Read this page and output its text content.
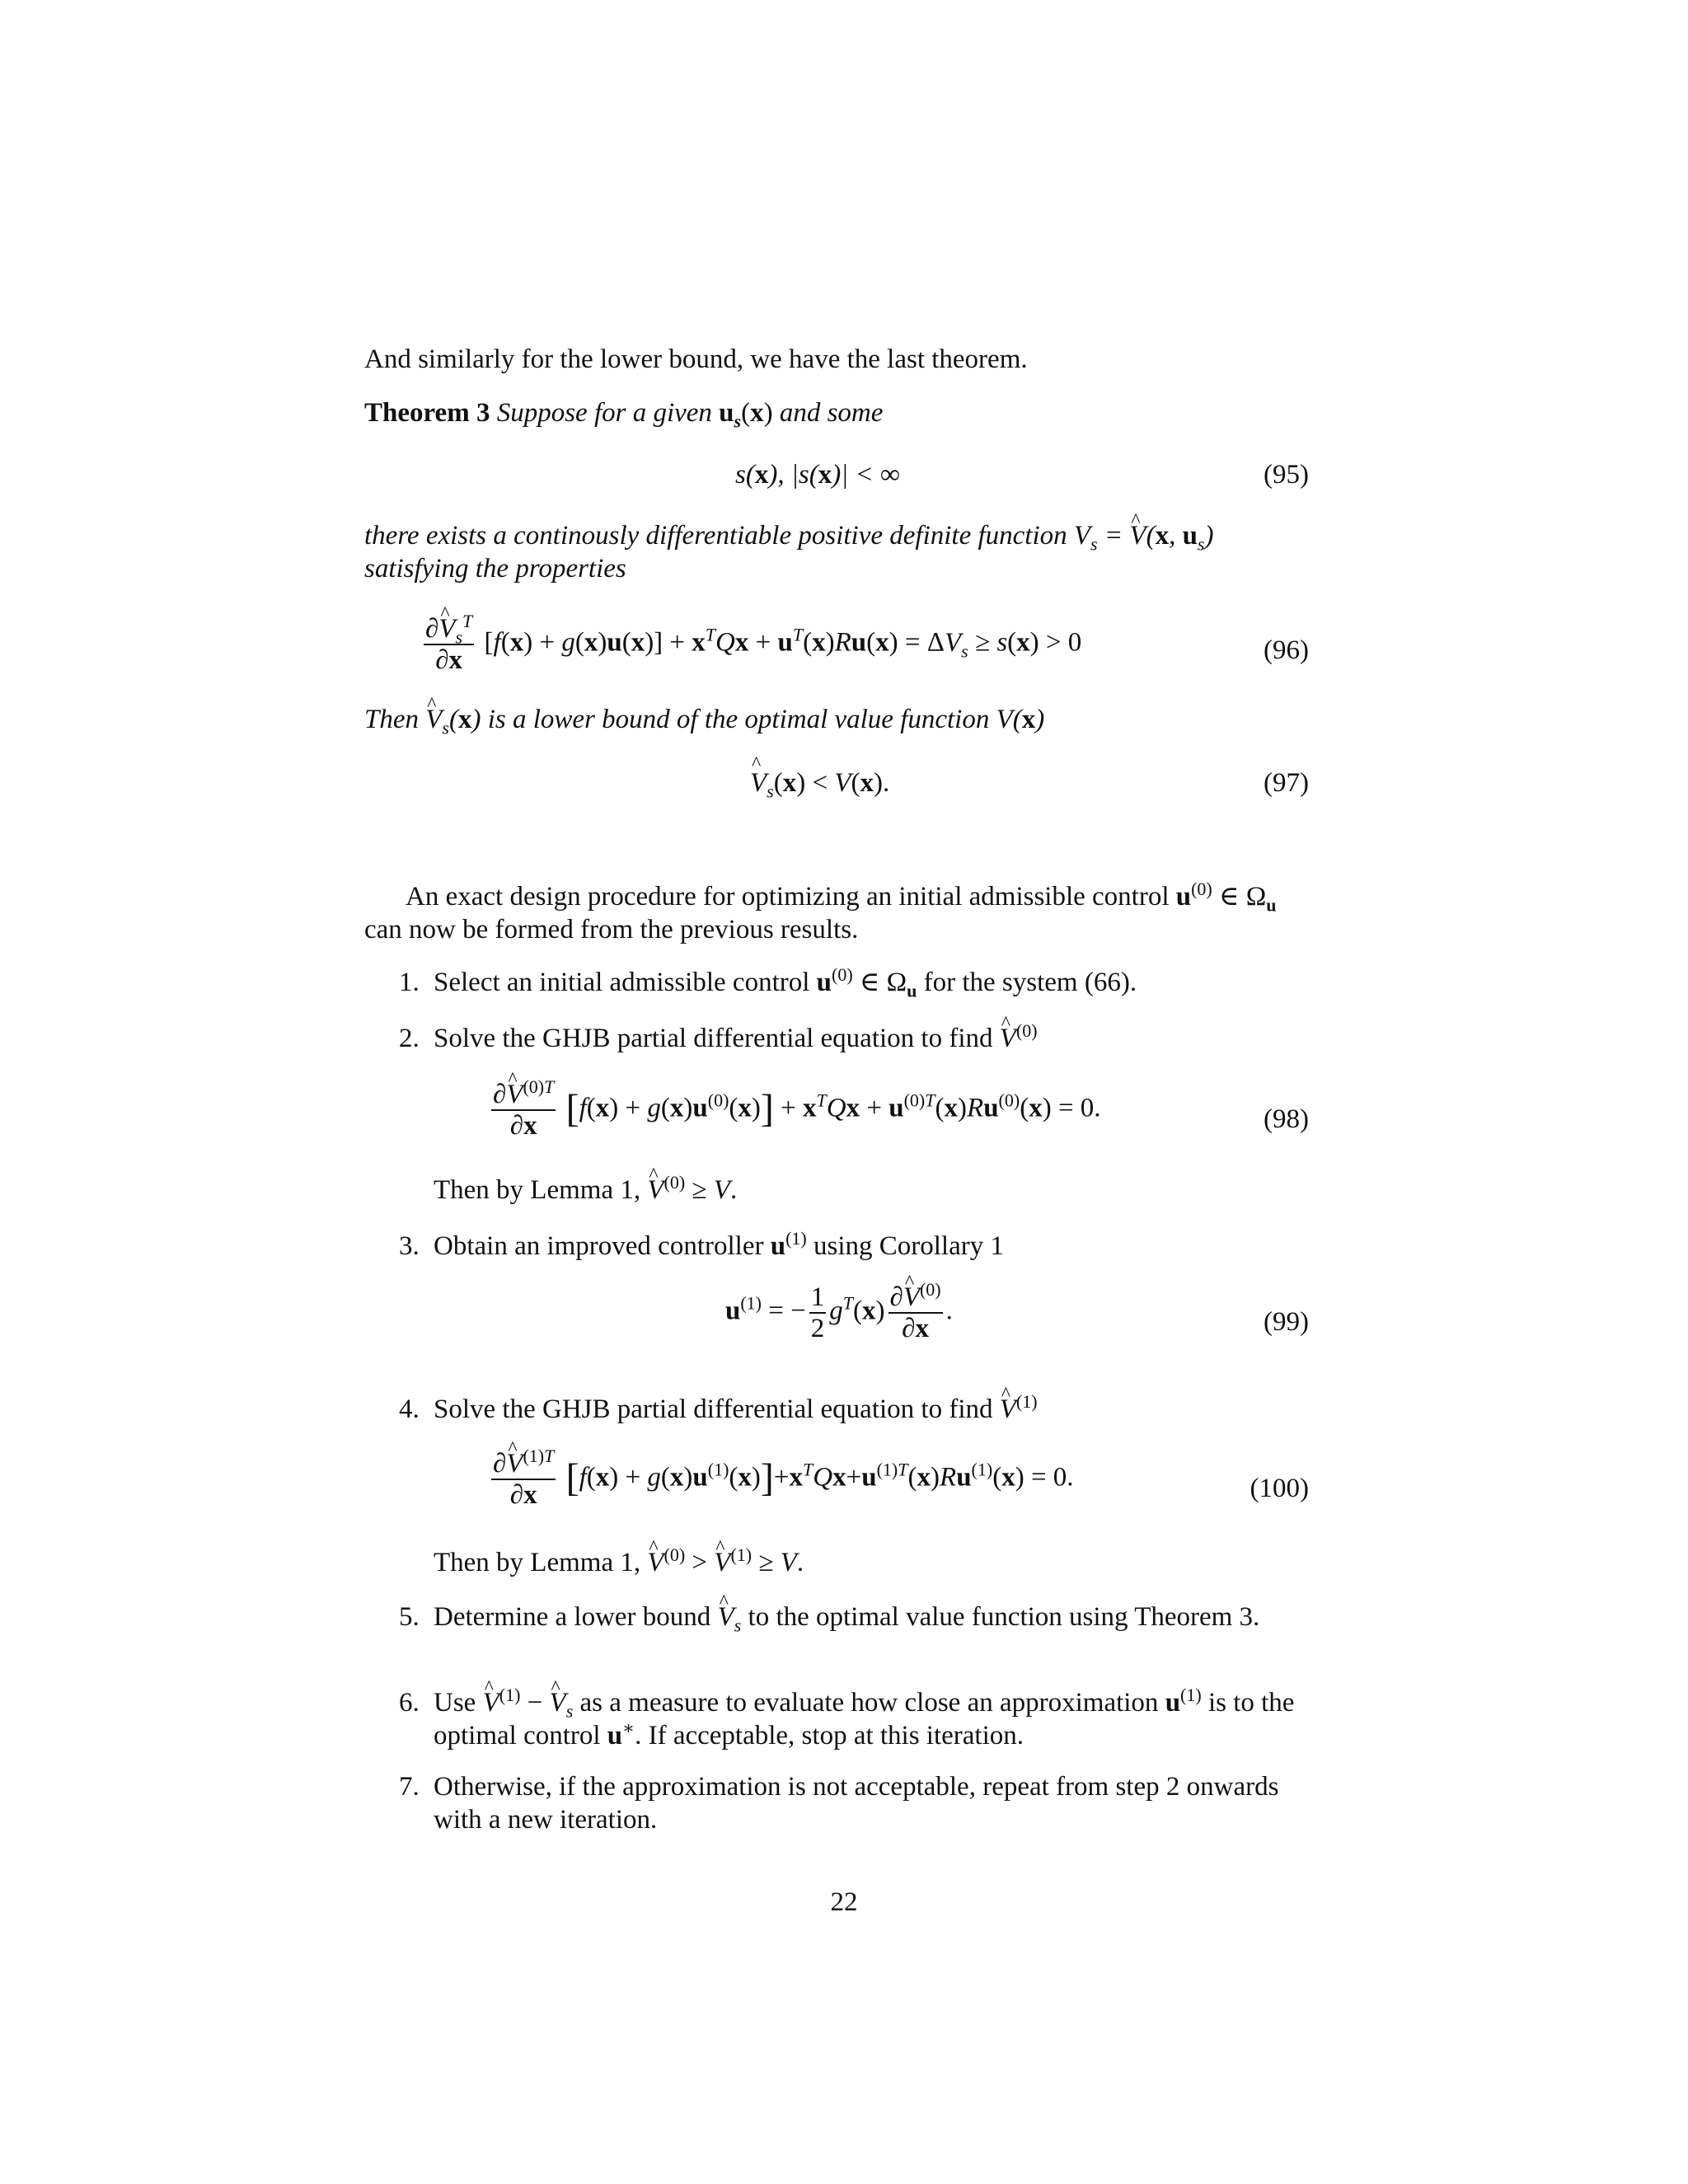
And similarly for the lower bound, we have the last theorem.
Theorem 3 Suppose for a given $u_s(x)$ and some
s(x), |s(x)| < ∞	(95)
there exists a continously differentiable positive definite function $V_s$ = ^ V(x, $u_s$)
satisfying the properties
$\frac{\partial\^{} V_s^T}{\partial x} [f(x) + g(x)u(x)] + x^TQx + u^T(x)Ru(x) = \Delta V_s \ge s(x) > 0$	(96)
Then ^ $V_s(x)$ is a lower bound of the optimal value function V(x)
^ $V_s(x) < V(x)$.	(97)
An exact design procedure for optimizing an initial admissible control $u^{(0)}$ ∈ $\Omega_u$ can now be formed from the previous results.
1. Select an initial admissible control $u^{(0)}$ ∈ $\Omega_u$ for the system (66).
2. Solve the GHJB partial differential equation to find ^ $V^{(0)}$
$\frac{\partial\^{} V^{(0)T}}{\partial x} [f(x) + g(x)u^{(0)}(x)] + x^TQx + u^{(0)T}(x)Ru^{(0)}(x) = 0$.	(98)
Then by Lemma 1, ^ $V^{(0)} \ge V$.
3. Obtain an improved controller $u^{(1)}$ using Corollary 1
$u^{(1)}$ = − $\frac{1}{2} g^T(x) \frac{\partial\^{} V^{(0)}}{\partial x}$ .	(99)
4. Solve the GHJB partial differential equation to find ^ $V^{(1)}$
$\frac{\partial\^{} V^{(1)T}}{\partial x} [f(x) + g(x)u^{(1)}(x)]+x^TQx+u^{(1)T}(x)Ru^{(1)}(x) = 0$.	(100)
Then by Lemma 1, ^ $V^{(0)}$ > ^ $V^{(1)} \ge V$.
5. Determine a lower bound ^ $V_s$ to the optimal value function using Theorem 3.
6. Use ^ $V^{(1)}$ − ^ $V_s$ as a measure to evaluate how close an approximation $u^{(1)}$ is to the optimal control u∗. If acceptable, stop at this iteration.
7. Otherwise, if the approximation is not acceptable, repeat from step 2 onwards with a new iteration.
22
